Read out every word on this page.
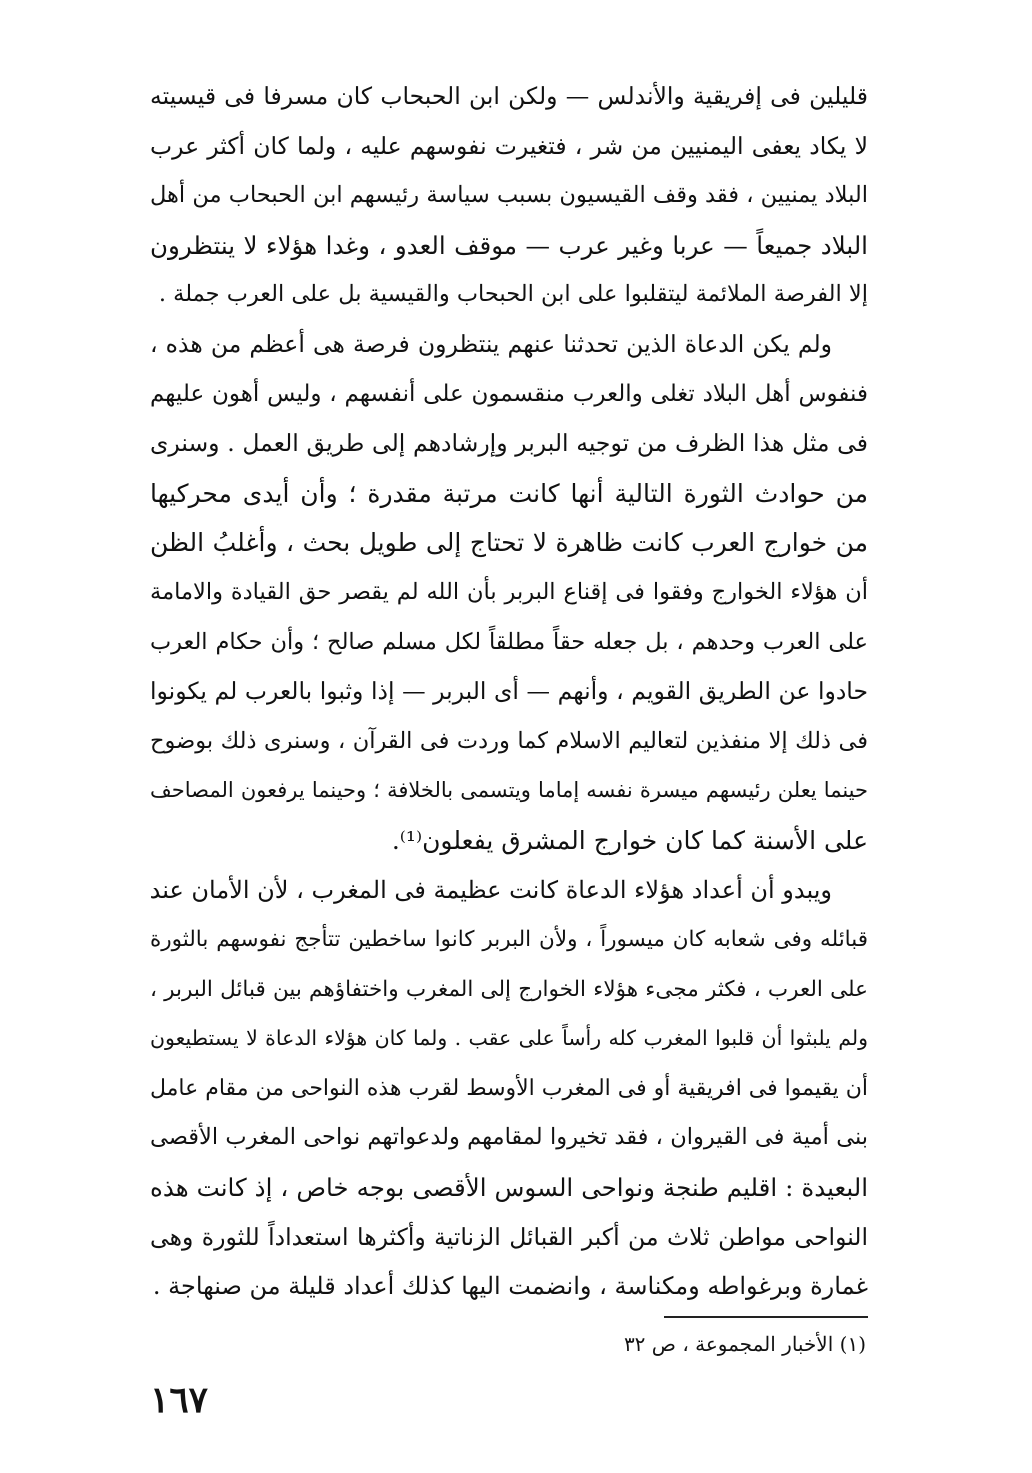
قليلين فى إفريقية والأندلس — ولكن ابن الحبحاب كان مسرفا فى قيسيته
لا يكاد يعفى اليمنيين من شر ، فتغيرت نفوسهم عليه ، ولما كان أكثر عرب
البلاد يمنيين ، فقد وقف القيسيون بسبب سياسة رئيسهم ابن الحبحاب من أهل
البلاد جميعاً — عربا وغير عرب — موقف العدو ، وغدا هؤلاء لا ينتظرون
إلا الفرصة الملائمة ليتقلبوا على ابن الحبحاب والقيسية بل على العرب جملة .
ولم يكن الدعاة الذين تحدثنا عنهم ينتظرون فرصة هى أعظم من هذه ،
فنفوس أهل البلاد تغلى والعرب منقسمون على أنفسهم ، وليس أهون عليهم
فى مثل هذا الظرف من توجيه البربر وإرشادهم إلى طريق العمل . وسنرى
من حوادث الثورة التالية أنها كانت مرتبة مقدرة ؛ وأن أيدى محركيها
من خوارج العرب كانت ظاهرة لا تحتاج إلى طويل بحث ، وأغلبُ الظن
أن هؤلاء الخوارج وفقوا فى إقناع البربر بأن الله لم يقصر حق القيادة والامامة
على العرب وحدهم ، بل جعله حقاً مطلقاً لكل مسلم صالح ؛ وأن حكام العرب
حادوا عن الطريق القويم ، وأنهم — أى البربر — إذا وثبوا بالعرب لم يكونوا
فى ذلك إلا منفذين لتعاليم الاسلام كما وردت فى القرآن ، وسنرى ذلك بوضوح
حينما يعلن رئيسهم ميسرة نفسه إماما ويتسمى بالخلافة ؛ وحينما يرفعون المصاحف
على الأسنة كما كان خوارج المشرق يفعلون⁽¹⁾.
ويبدو أن أعداد هؤلاء الدعاة كانت عظيمة فى المغرب ، لأن الأمان عند
قبائله وفى شعابه كان ميسوراً ، ولأن البربر كانوا ساخطين تتأجج نفوسهم بالثورة
على العرب ، فكثر مجىء هؤلاء الخوارج إلى المغرب واختفاؤهم بين قبائل البربر ،
ولم يلبثوا أن قلبوا المغرب كله رأساً على عقب . ولما كان هؤلاء الدعاة لا يستطيعون
أن يقيموا فى افريقية أو فى المغرب الأوسط لقرب هذه النواحى من مقام عامل
بنى أمية فى القيروان ، فقد تخيروا لمقامهم ولدعواتهم نواحى المغرب الأقصى
البعيدة : اقليم طنجة ونواحى السوس الأقصى بوجه خاص ، إذ كانت هذه
النواحى مواطن ثلاث من أكبر القبائل الزناتية وأكثرها استعداداً للثورة وهى
غمارة وبرغواطه ومكناسة ، وانضمت اليها كذلك أعداد قليلة من صنهاجة .
(١) الأخبار المجموعة ، ص ٣٢
١٦٧
